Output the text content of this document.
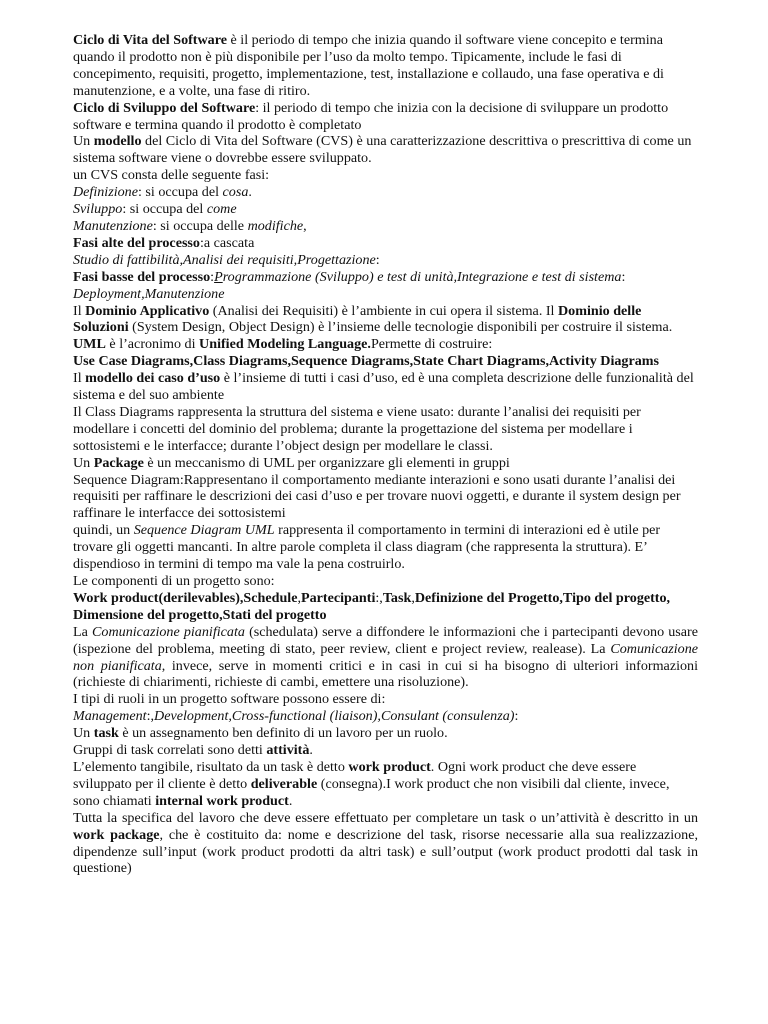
Ciclo di Vita del Software è il periodo di tempo che inizia quando il software viene concepito e termina quando il prodotto non è più disponibile per l’uso da molto tempo. Tipicamente, include le fasi di concepimento, requisiti, progetto, implementazione, test, installazione e collaudo, una fase operativa e di manutenzione, e a volte, una fase di ritiro.

Ciclo di Sviluppo del Software: il periodo di tempo che inizia con la decisione di sviluppare un prodotto software e termina quando il prodotto è completato

Un modello del Ciclo di Vita del Software (CVS) è una caratterizzazione descrittiva o prescrittiva di come un sistema software viene o dovrebbe essere sviluppato.

un CVS consta delle seguente fasi:

Definizione: si occupa del cosa.

Sviluppo: si occupa del come

Manutenzione: si occupa delle modifiche,

Fasi alte del processo:a cascata

Studio di fattibilità,Analisi dei requisiti,Progettazione:

Fasi basse del processo:Programmazione (Sviluppo) e test di unità,Integrazione e test di sistema: Deployment,Manutenzione

Il Dominio Applicativo (Analisi dei Requisiti) è l’ambiente in cui opera il sistema. Il Dominio delle Soluzioni (System Design, Object Design) è l’insieme delle tecnologie disponibili per costruire il sistema.

UML è l’acronimo di Unified Modeling Language.Permette di costruire:

Use Case Diagrams,Class Diagrams,Sequence Diagrams,State Chart Diagrams,Activity Diagrams

Il modello dei caso d’uso è l’insieme di tutti i casi d’uso, ed è una completa descrizione delle funzionalità del sistema e del suo ambiente

Il Class Diagrams rappresenta la struttura del sistema e viene usato: durante l’analisi dei requisiti per modellare i concetti del dominio del problema; durante la progettazione del sistema per modellare i sottosistemi e le interfacce; durante l’object design per modellare le classi.

Un Package è un meccanismo di UML per organizzare gli elementi in gruppi

Sequence Diagram:Rappresentano il comportamento mediante interazioni e sono usati durante l’analisi dei requisiti per raffinare le descrizioni dei casi d’uso e per trovare nuovi oggetti, e durante il system design per raffinare le interfacce dei sottosistemi

quindi, un Sequence Diagram UML rappresenta il comportamento in termini di interazioni ed è utile per trovare gli oggetti mancanti. In altre parole completa il class diagram (che rappresenta la struttura). E’ dispendioso in termini di tempo ma vale la pena costruirlo.

Le componenti di un progetto sono:

Work product(derilevables),Schedule,Partecipanti:,Task,Definizione del Progetto,Tipo del progetto, Dimensione del progetto,Stati del progetto

La Comunicazione pianificata (schedulata) serve a diffondere le informazioni che i partecipanti devono usare (ispezione del problema, meeting di stato, peer review, client e project review, realease). La Comunicazione non pianificata, invece, serve in momenti critici e in casi in cui si ha bisogno di ulteriori informazioni (richieste di chiarimenti, richieste di cambi, emettere una risoluzione).

I tipi di ruoli in un progetto software possono essere di:

Management:,Development,Cross-functional (liaison),Consulant (consulenza):

Un task è un assegnamento ben definito di un lavoro per un ruolo.

Gruppi di task correlati sono detti attività.

L’elemento tangibile, risultato da un task è detto work product. Ogni work product che deve essere sviluppato per il cliente è detto deliverable (consegna).I work product che non visibili dal cliente, invece, sono chiamati internal work product.

Tutta la specifica del lavoro che deve essere effettuato per completare un task o un’attività è descritto in un work package, che è costituito da: nome e descrizione del task, risorse necessarie alla sua realizzazione, dipendenze sull’input (work product prodotti da altri task) e sull’output (work product prodotti dal task in questione)
